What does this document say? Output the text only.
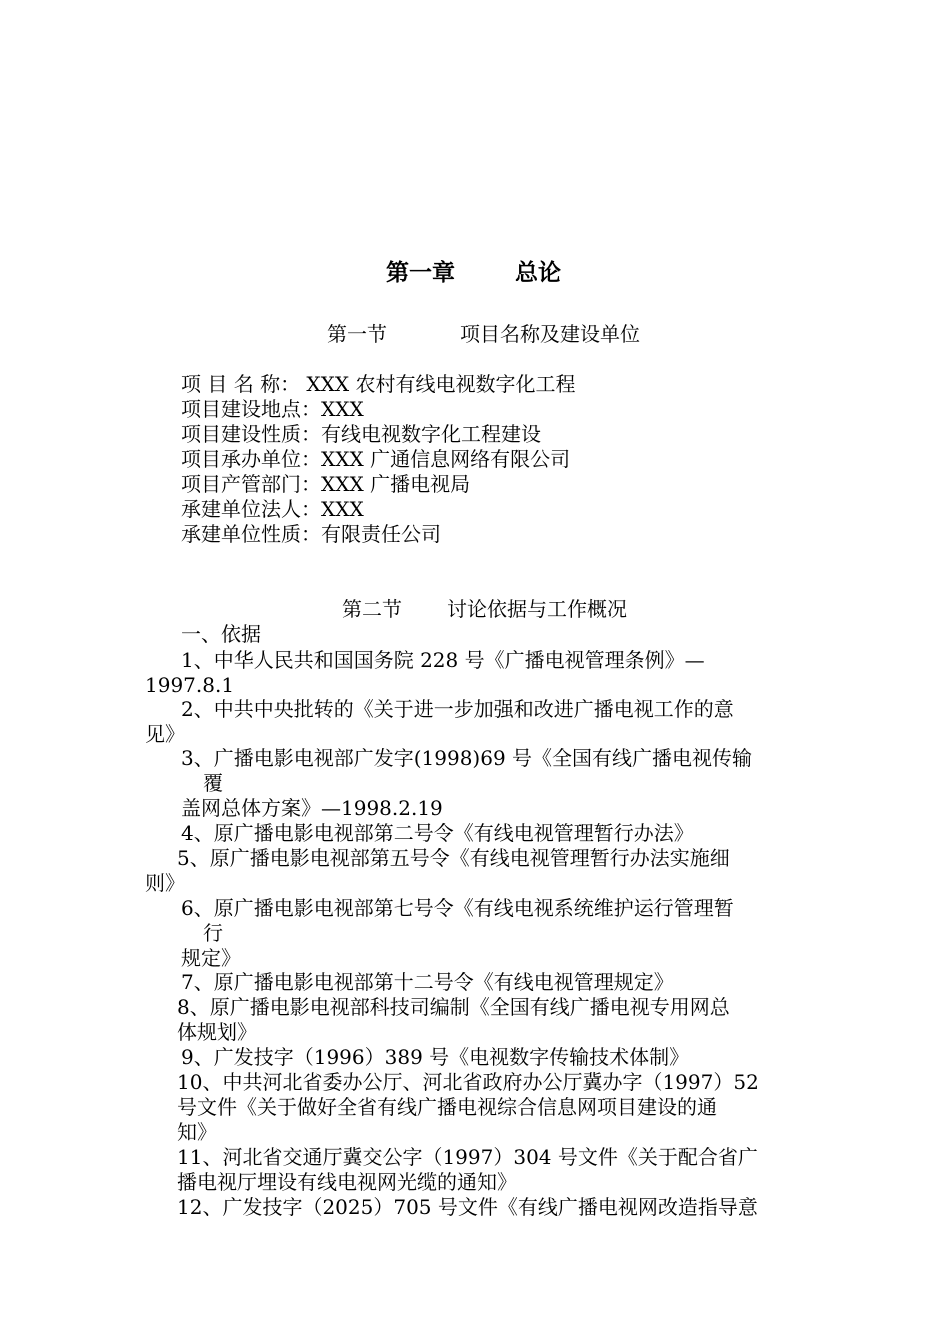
第一章	总论
第一节	项目名称及建设单位
项 目 名 称： XXX 农村有线电视数字化工程
项目建设地点：XXX
项目建设性质：有线电视数字化工程建设
项目承办单位：XXX 广通信息网络有限公司
项目产管部门：XXX 广播电视局
承建单位法人：XXX
承建单位性质：有限责任公司
第二节 讨论依据与工作概况
一、依据
1、中华人民共和国国务院 228 号《广播电视管理条例》—
1997.8.1
2、中共中央批转的《关于进一步加强和改进广播电视工作的意
见》
3、广播电影电视部广发字(1998)69 号《全国有线广播电视传输
覆
盖网总体方案》—1998.2.19
4、原广播电影电视部第二号令《有线电视管理暂行办法》
5、原广播电影电视部第五号令《有线电视管理暂行办法实施细
则》
6、原广播电影电视部第七号令《有线电视系统维护运行管理暂
行
规定》
7、原广播电影电视部第十二号令《有线电视管理规定》
8、原广播电影电视部科技司编制《全国有线广播电视专用网总
体规划》
9、广发技字（1996）389 号《电视数字传输技术体制》
10、中共河北省委办公厅、河北省政府办公厅冀办字（1997）52
号文件《关于做好全省有线广播电视综合信息网项目建设的通
知》
11、河北省交通厅冀交公字（1997）304 号文件《关于配合省广
播电视厅埋设有线电视网光缆的通知》
12、广发技字（2025）705 号文件《有线广播电视网改造指导意
